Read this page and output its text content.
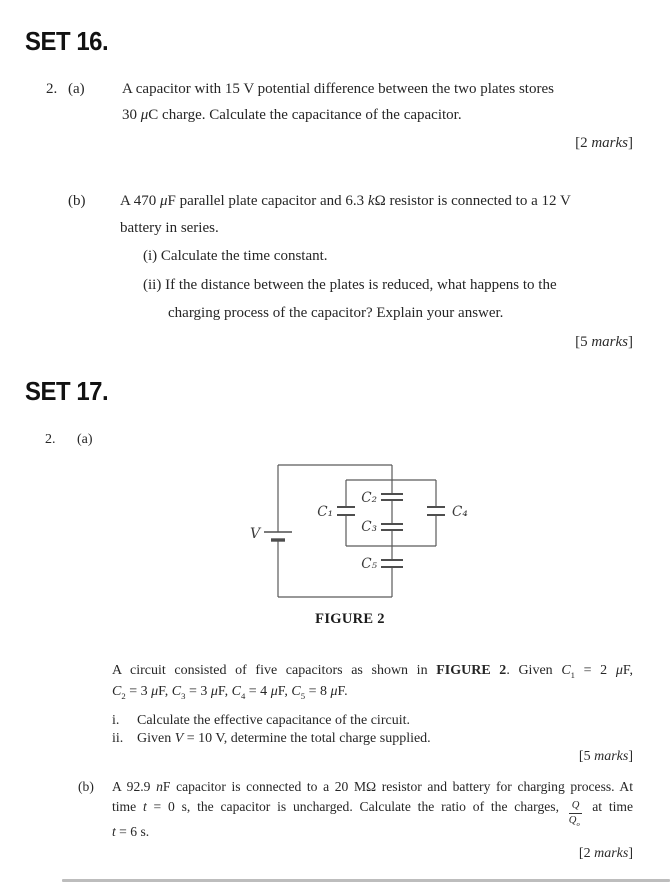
SET 16.
2. (a) A capacitor with 15 V potential difference between the two plates stores
30 μC charge. Calculate the capacitance of the capacitor.
[2 marks]
(b) A 470 μF parallel plate capacitor and 6.3 kΩ resistor is connected to a 12 V
battery in series.
(i) Calculate the time constant.
(ii) If the distance between the plates is reduced, what happens to the
charging process of the capacitor? Explain your answer.
[5 marks]
SET 17.
2. (a)
V
C₁
C₂
C₃
C₄
C₅
FIGURE 2
A circuit consisted of five capacitors as shown in FIGURE 2. Given $C_1 = 2$ μF,
$C_2 = 3$ μF, $C_3 = 3$ μF, $C_4 = 4$ μF, $C_5 = 8$ μF.
i. Calculate the effective capacitance of the circuit.
ii. Given V = 10 V, determine the total charge supplied.
[5 marks]
(b) A 92.9 nF capacitor is connected to a 20 MΩ resistor and battery for charging process. At
time t = 0 s, the capacitor is uncharged. Calculate the ratio of the charges, $\frac{Q}{Q_o}$ at time
t = 6 s.
[2 marks]
